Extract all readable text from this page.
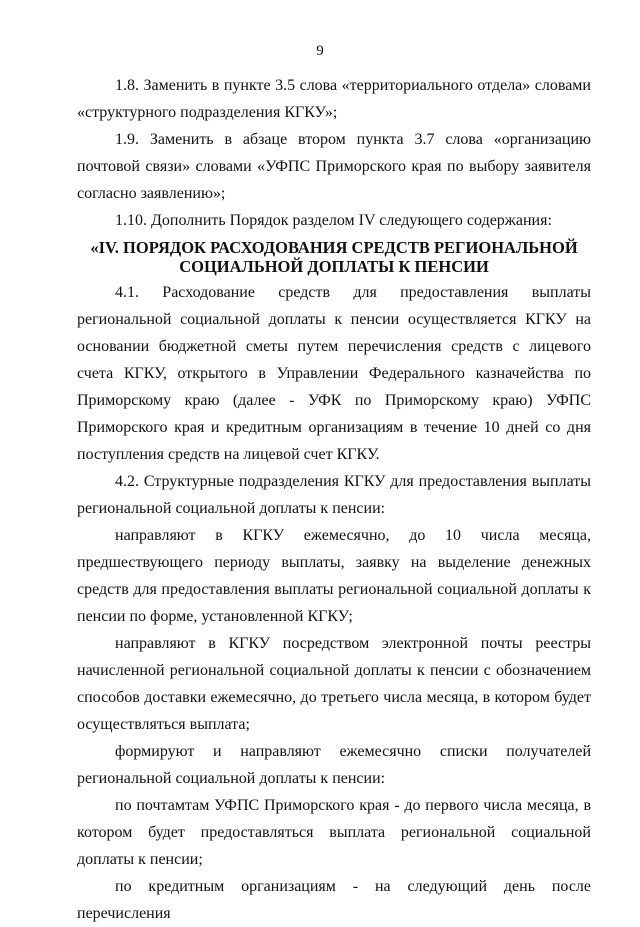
9

1.8. Заменить в пункте 3.5 слова «территориального отдела» словами «структурного подразделения КГКУ»;

1.9. Заменить в абзаце втором пункта 3.7 слова «организацию почтовой связи» словами «УФПС Приморского края по выбору заявителя согласно заявлению»;

1.10. Дополнить Порядок разделом IV следующего содержания:

«IV. ПОРЯДОК РАСХОДОВАНИЯ СРЕДСТВ РЕГИОНАЛЬНОЙ
СОЦИАЛЬНОЙ ДОПЛАТЫ К ПЕНСИИ

4.1. Расходование средств для предоставления выплаты региональной социальной доплаты к пенсии осуществляется КГКУ на основании бюджетной сметы путем перечисления средств с лицевого счета КГКУ, открытого в Управлении Федерального казначейства по Приморскому краю (далее - УФК по Приморскому краю) УФПС Приморского края и кредитным организациям в течение 10 дней со дня поступления средств на лицевой счет КГКУ.

4.2. Структурные подразделения КГКУ для предоставления выплаты региональной социальной доплаты к пенсии:

направляют в КГКУ ежемесячно, до 10 числа месяца, предшествующего периоду выплаты, заявку на выделение денежных средств для предоставления выплаты региональной социальной доплаты к пенсии по форме, установленной КГКУ;

направляют в КГКУ посредством электронной почты реестры начисленной региональной социальной доплаты к пенсии с обозначением способов доставки ежемесячно, до третьего числа месяца, в котором будет осуществляться выплата;

формируют и направляют ежемесячно списки получателей региональной социальной доплаты к пенсии:

по почтамтам УФПС Приморского края - до первого числа месяца, в котором будет предоставляться выплата региональной социальной доплаты к пенсии;

по кредитным организациям - на следующий день после перечисления
